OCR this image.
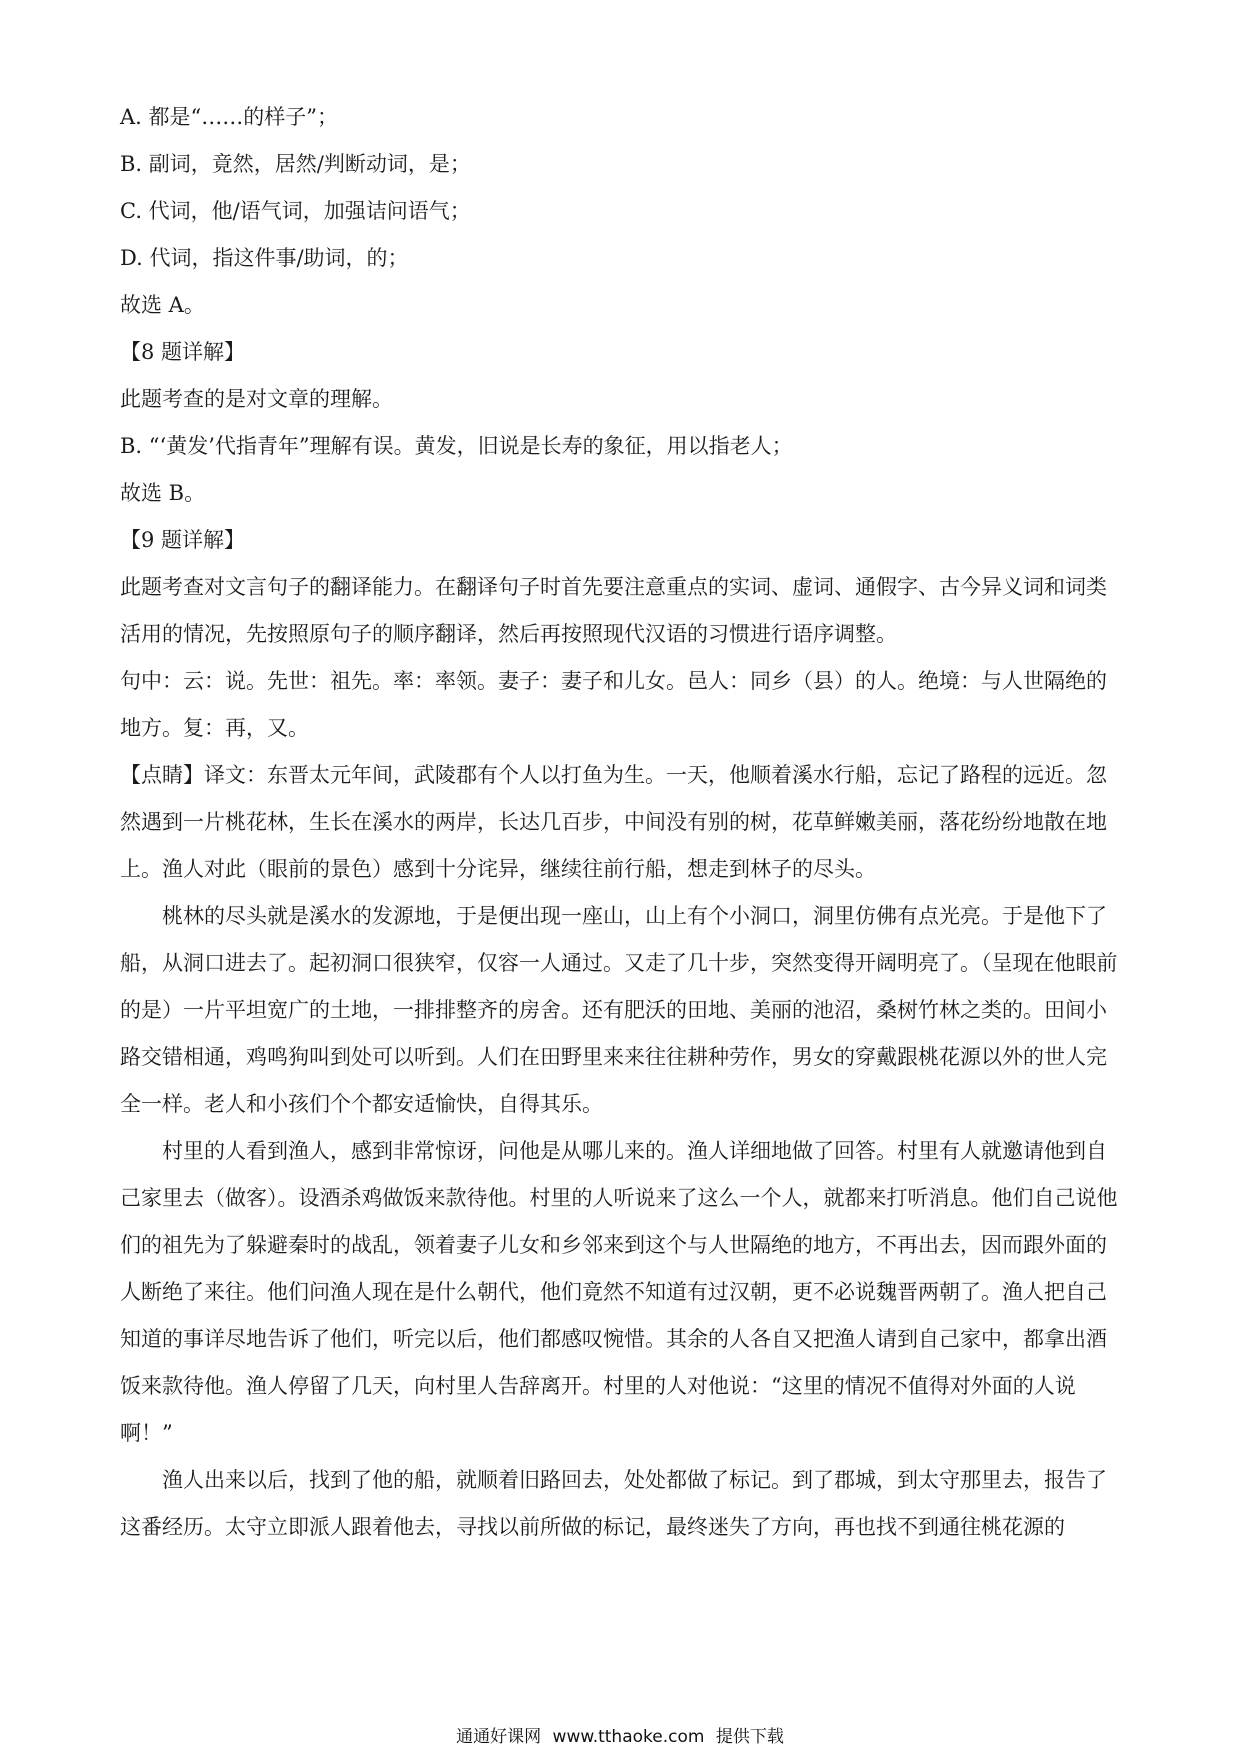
A. 都是“……的样子”；
B. 副词，竟然，居然/判断动词，是；
C. 代词，他/语气词，加强诘问语气；
D. 代词，指这件事/助词，的；
故选 A。
【8 题详解】
此题考查的是对文章的理解。
B. “‘黄发’代指青年”理解有误。黄发，旧说是长寿的象征，用以指老人；
故选 B。
【9 题详解】

此题考查对文言句子的翻译能力。在翻译句子时首先要注意重点的实词、虚词、通假字、古今异义词和词类活用的情况，先按照原句子的顺序翻译，然后再按照现代汉语的习惯进行语序调整。

句中：云：说。先世：祖先。率：率领。妻子：妻子和儿女。邑人：同乡（县）的人。绝境：与人世隔绝的地方。复：再，又。

【点睛】译文：东晋太元年间，武陵郡有个人以打鱼为生。一天，他顺着溪水行船，忘记了路程的远近。忽然遇到一片桃花林，生长在溪水的两岸，长达几百步，中间没有别的树，花草鲜嫩美丽，落花纷纷地散在地上。渔人对此（眼前的景色）感到十分诧异，继续往前行船，想走到林子的尽头。

桃林的尽头就是溪水的发源地，于是便出现一座山，山上有个小洞口，洞里仿佛有点光亮。于是他下了船，从洞口进去了。起初洞口很狭窄，仅容一人通过。又走了几十步，突然变得开阔明亮了。（呈现在他眼前的是）一片平坦宽广的土地，一排排整齐的房舍。还有肥沃的田地、美丽的池沼，桑树竹林之类的。田间小路交错相通，鸡鸣狗叫到处可以听到。人们在田野里来来往往耕种劳作，男女的穿戴跟桃花源以外的世人完全一样。老人和小孩们个个都安适愉快，自得其乐。

村里的人看到渔人，感到非常惊讶，问他是从哪儿来的。渔人详细地做了回答。村里有人就邀请他到自己家里去（做客）。设酒杀鸡做饭来款待他。村里的人听说来了这么一个人，就都来打听消息。他们自己说他们的祖先为了躲避秦时的战乱，领着妻子儿女和乡邻来到这个与人世隔绝的地方，不再出去，因而跟外面的人断绝了来往。他们问渔人现在是什么朝代，他们竟然不知道有过汉朝，更不必说魏晋两朝了。渔人把自己知道的事详尽地告诉了他们，听完以后，他们都感叹惋惜。其余的人各自又把渔人请到自己家中，都拿出酒饭来款待他。渔人停留了几天，向村里人告辞离开。村里的人对他说：“这里的情况不值得对外面的人说啊！”

渔人出来以后，找到了他的船，就顺着旧路回去，处处都做了标记。到了郡城，到太守那里去，报告了这番经历。太守立即派人跟着他去，寻找以前所做的标记，最终迷失了方向，再也找不到通往桃花源的

通通好课网 www.tthaoke.com 提供下载
